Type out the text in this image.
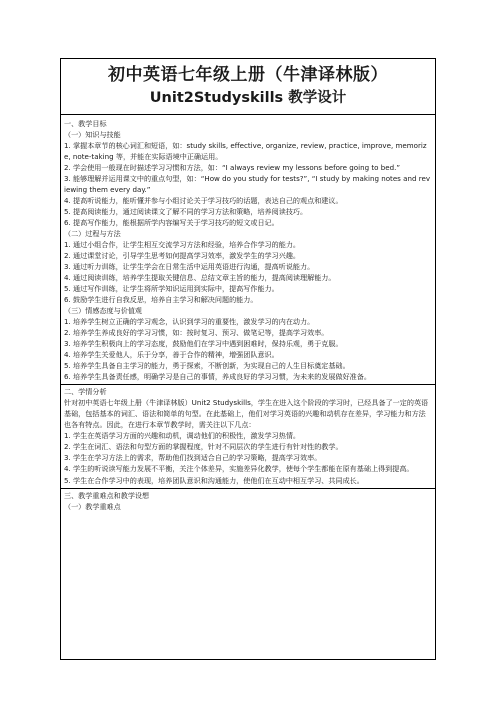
初中英语七年级上册（牛津译林版）
Unit2Studyskills 教学设计

一、教学目标

（一）知识与技能

1. 掌握本章节的核心词汇和短语，如：study skills, effective, organize, review, practice, improve, memorize, note-taking 等，并能在实际语境中正确运用。

2. 学会使用一般现在时描述学习习惯和方法，如：“I always review my lessons before going to bed.”

3. 能够理解并运用课文中的重点句型，如：“How do you study for tests?”, “I study by making notes and reviewing them every day.”

4. 提高听说能力，能听懂并参与小组讨论关于学习技巧的话题，表达自己的观点和建议。

5. 提高阅读能力，通过阅读课文了解不同的学习方法和策略，培养阅读技巧。

6. 提高写作能力，能根据所学内容编写关于学习技巧的短文或日记。

（二）过程与方法

1. 通过小组合作，让学生相互交流学习方法和经验，培养合作学习的能力。

2. 通过课堂讨论，引导学生思考如何提高学习效率，激发学生的学习兴趣。

3. 通过听力训练，让学生学会在日常生活中运用英语进行沟通，提高听说能力。

4. 通过阅读训练，培养学生提取关键信息、总结文章主旨的能力，提高阅读理解能力。

5. 通过写作训练，让学生将所学知识运用到实际中，提高写作能力。

6. 鼓励学生进行自我反思，培养自主学习和解决问题的能力。

（三）情感态度与价值观

1. 培养学生树立正确的学习观念，认识到学习的重要性，激发学习的内在动力。

2. 培养学生养成良好的学习习惯，如：按时复习、预习、做笔记等，提高学习效率。

3. 培养学生积极向上的学习态度，鼓励他们在学习中遇到困难时，保持乐观，勇于克服。

4. 培养学生关爱他人，乐于分享，善于合作的精神，增强团队意识。

5. 培养学生具备自主学习的能力，勇于探索，不断创新，为实现自己的人生目标奠定基础。

6. 培养学生具备责任感，明确学习是自己的事情，养成良好的学习习惯，为未来的发展做好准备。

二、学情分析

针对初中英语七年级上册（牛津译林版）Unit2 Studyskills，学生在进入这个阶段的学习时，已经具备了一定的英语基础，包括基本的词汇、语法和简单的句型。在此基础上，他们对学习英语的兴趣和动机存在差异，学习能力和方法也各有特点。因此，在进行本章节教学时，需关注以下几点：

1. 学生在英语学习方面的兴趣和动机，调动他们的积极性，激发学习热情。

2. 学生在词汇、语法和句型方面的掌握程度，针对不同层次的学生进行有针对性的教学。

3. 学生在学习方法上的需求，帮助他们找到适合自己的学习策略，提高学习效率。

4. 学生的听说读写能力发展不平衡，关注个体差异，实施差异化教学，使每个学生都能在原有基础上得到提高。

5. 学生在合作学习中的表现，培养团队意识和沟通能力，使他们在互动中相互学习、共同成长。

三、教学重难点和教学设想

（一）教学重难点
